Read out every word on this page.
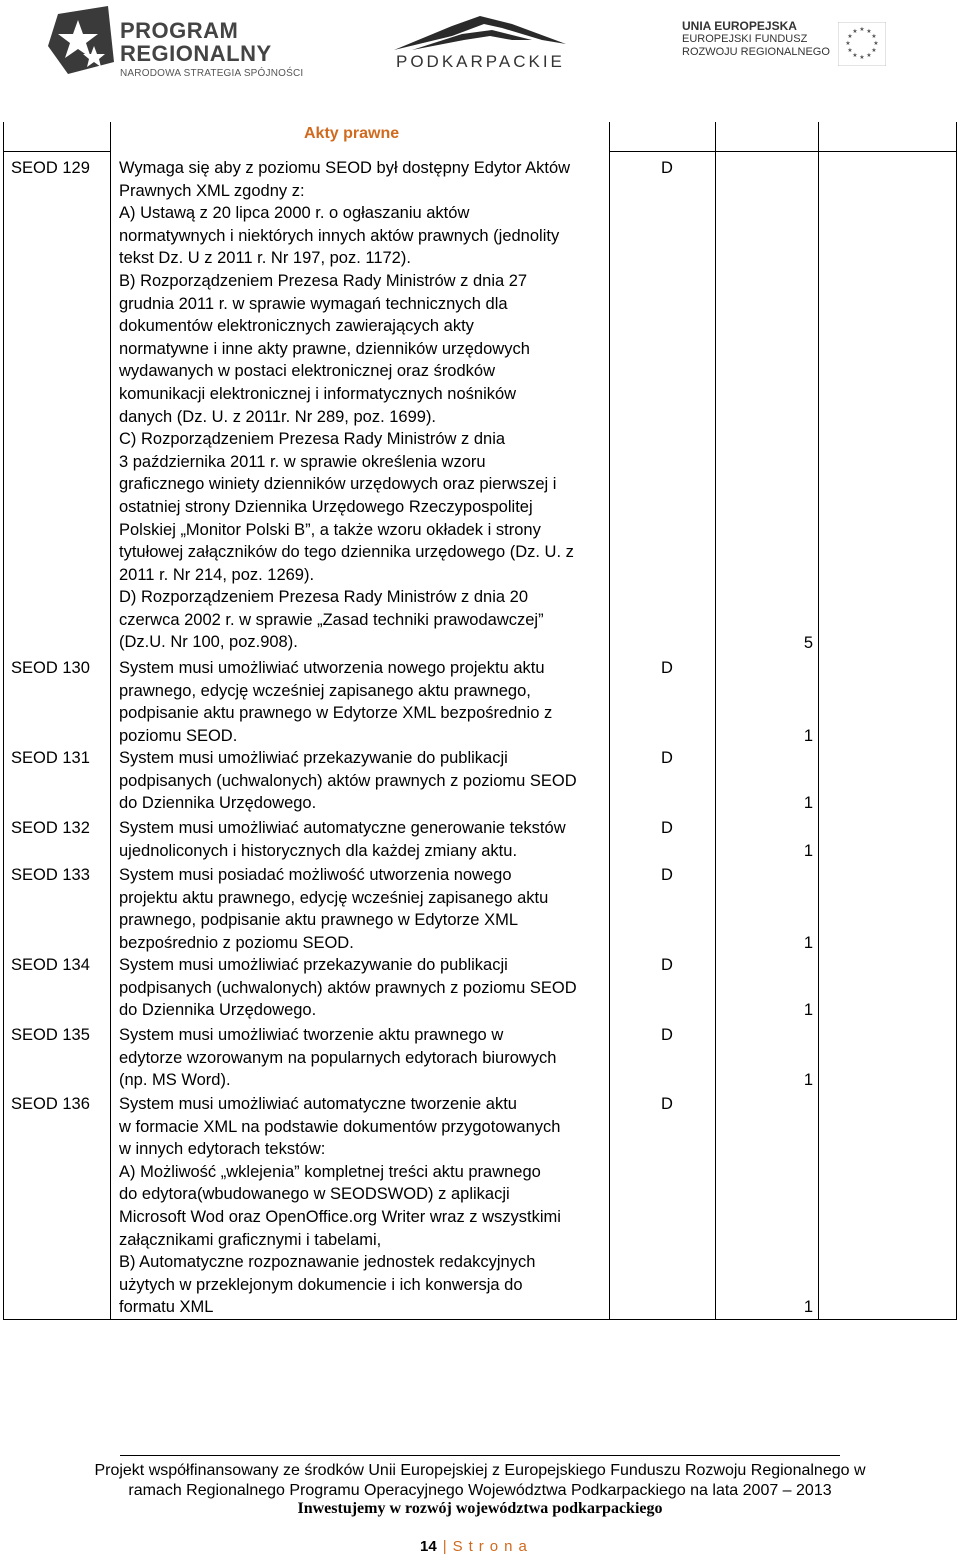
PROGRAM
REGIONALNY
NARODOWA STRATEGIA SPÓJNOŚCI
PODKARPACKIE
UNIA EUROPEJSKA
EUROPEJSKI FUNDUSZ
ROZWOJU REGIONALNEGO
★ ★
★
★
★
★
★
★
★
★
★
★
Akty prawne
SEOD 129 Wymaga się aby z poziomu SEOD był dostępny Edytor Aktów
Prawnych XML zgodny z:
A) Ustawą z 20 lipca 2000 r. o ogłaszaniu aktów
normatywnych i niektórych innych aktów prawnych (jednolity
tekst Dz. U z 2011 r. Nr 197, poz. 1172).
B) Rozporządzeniem Prezesa Rady Ministrów z dnia 27
grudnia 2011 r. w sprawie wymagań technicznych dla
dokumentów elektronicznych zawierających akty
normatywne i inne akty prawne, dzienników urzędowych
wydawanych w postaci elektronicznej oraz środków
komunikacji elektronicznej i informatycznych nośników
danych (Dz. U. z 2011r. Nr 289, poz. 1699).
C) Rozporządzeniem Prezesa Rady Ministrów z dnia
3 października 2011 r. w sprawie określenia wzoru
graficznego winiety dzienników urzędowych oraz pierwszej i
ostatniej strony Dziennika Urzędowego Rzeczypospolitej
Polskiej „Monitor Polski B”, a także wzoru okładek i strony
tytułowej załączników do tego dziennika urzędowego (Dz. U. z
2011 r. Nr 214, poz. 1269).
D) Rozporządzeniem Prezesa Rady Ministrów z dnia 20
czerwca 2002 r. w sprawie „Zasad techniki prawodawczej”
(Dz.U. Nr 100, poz.908).
D
5
SEOD 130 System musi umożliwiać utworzenia nowego projektu aktu
prawnego, edycję wcześniej zapisanego aktu prawnego,
podpisanie aktu prawnego w Edytorze XML bezpośrednio z
poziomu SEOD.
D
1
SEOD 131 System musi umożliwiać przekazywanie do publikacji
podpisanych (uchwalonych) aktów prawnych z poziomu SEOD
do Dziennika Urzędowego.
D
1
SEOD 132 System musi umożliwiać automatyczne generowanie tekstów
ujednoliconych i historycznych dla każdej zmiany aktu.
D
1
SEOD 133 System musi posiadać możliwość utworzenia nowego
projektu aktu prawnego, edycję wcześniej zapisanego aktu
prawnego, podpisanie aktu prawnego w Edytorze XML
bezpośrednio z poziomu SEOD.
D
1
SEOD 134 System musi umożliwiać przekazywanie do publikacji
podpisanych (uchwalonych) aktów prawnych z poziomu SEOD
do Dziennika Urzędowego.
D
1
SEOD 135 System musi umożliwiać tworzenie aktu prawnego w
edytorze wzorowanym na popularnych edytorach biurowych
(np. MS Word).
D
1
SEOD 136 System musi umożliwiać automatyczne tworzenie aktu
w formacie XML na podstawie dokumentów przygotowanych
w innych edytorach tekstów:
A) Możliwość „wklejenia” kompletnej treści aktu prawnego
do edytora(wbudowanego w SEODSWOD) z aplikacji
Microsoft Wod oraz OpenOffice.org Writer wraz z wszystkimi
załącznikami graficznymi i tabelami,
B) Automatyczne rozpoznawanie jednostek redakcyjnych
użytych w przeklejonym dokumencie i ich konwersja do
formatu XML
D
1
Projekt współfinansowany ze środków Unii Europejskiej z Europejskiego Funduszu Rozwoju Regionalnego w
ramach Regionalnego Programu Operacyjnego Województwa Podkarpackiego na lata 2007 – 2013
Inwestujemy w rozwój województwa podkarpackiego
14 | Strona
